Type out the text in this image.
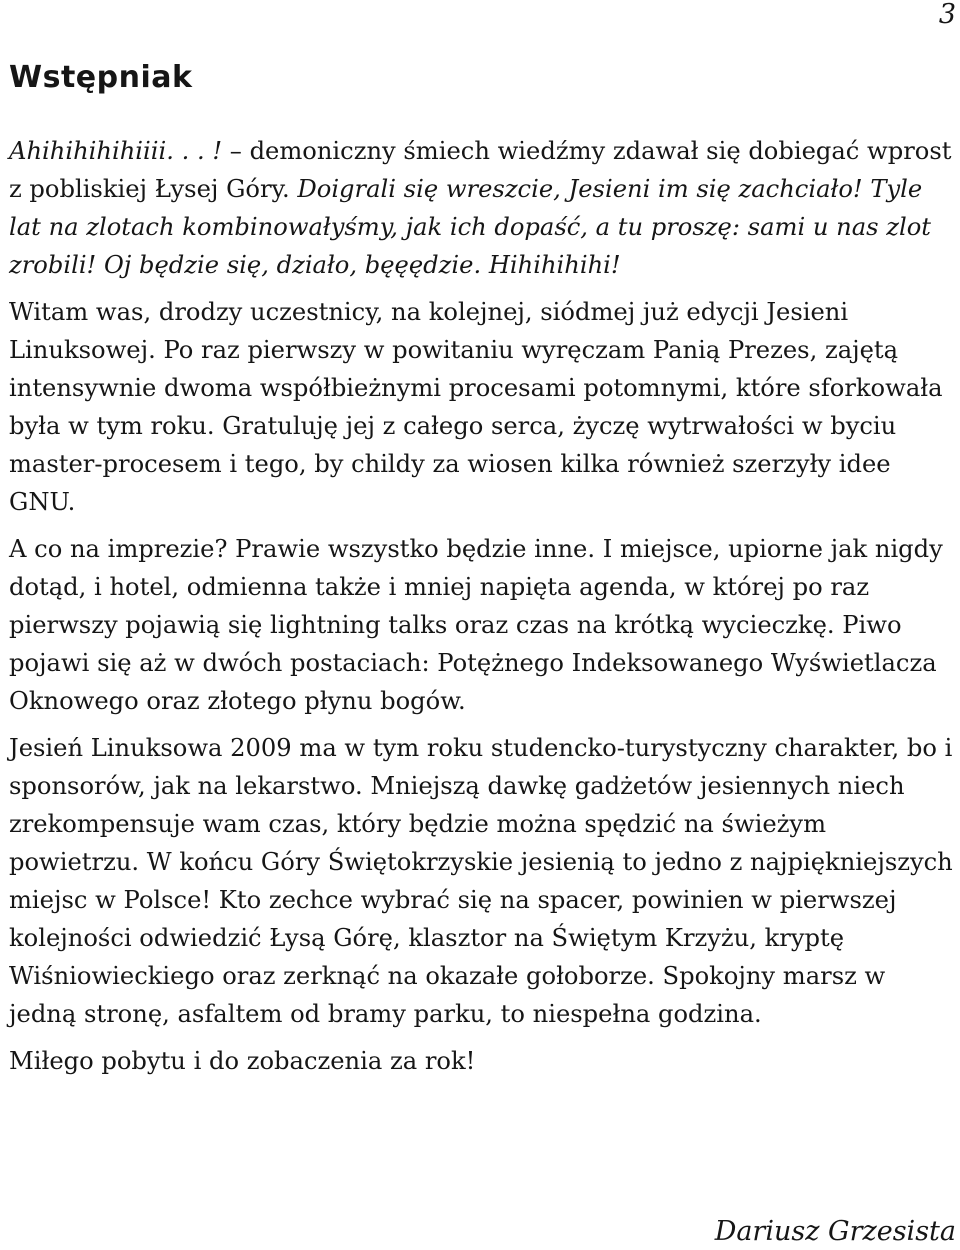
3
Wstępniak

Ahihihihihiiii. . . ! – demoniczny śmiech wiedźmy zdawał się dobiegać wprost z pobliskiej Łysej Góry. Doigrali się wreszcie, Jesieni im się zachciało! Tyle lat na zlotach kombinowałyśmy, jak ich dopaść, a tu proszę: sami u nas zlot zrobili! Oj będzie się, działo, bęęędzie. Hihihihihi!

Witam was, drodzy uczestnicy, na kolejnej, siódmej już edycji Jesieni Linuksowej. Po raz pierwszy w powitaniu wyręczam Panią Prezes, zajętą intensywnie dwoma współbieżnymi procesami potomnymi, które sforkowała była w tym roku. Gratuluję jej z całego serca, życzę wytrwałości w byciu master-procesem i tego, by childy za wiosen kilka również szerzyły idee GNU.

A co na imprezie? Prawie wszystko będzie inne. I miejsce, upiorne jak nigdy dotąd, i hotel, odmienna także i mniej napięta agenda, w której po raz pierwszy pojawią się lightning talks oraz czas na krótką wycieczkę. Piwo pojawi się aż w dwóch postaciach: Potężnego Indeksowanego Wyświetlacza Oknowego oraz złotego płynu bogów.

Jesień Linuksowa 2009 ma w tym roku studencko-turystyczny charakter, bo i sponsorów, jak na lekarstwo. Mniejszą dawkę gadżetów jesiennych niech zrekompensuje wam czas, który będzie można spędzić na świeżym powietrzu. W końcu Góry Świętokrzyskie jesienią to jedno z najpiękniejszych miejsc w Polsce! Kto zechce wybrać się na spacer, powinien w pierwszej kolejności odwiedzić Łysą Górę, klasztor na Świętym Krzyżu, kryptę Wiśniowieckiego oraz zerknąć na okazałe gołoborze. Spokojny marsz w jedną stronę, asfaltem od bramy parku, to niespełna godzina.

Miłego pobytu i do zobaczenia za rok!

Dariusz Grzesista
